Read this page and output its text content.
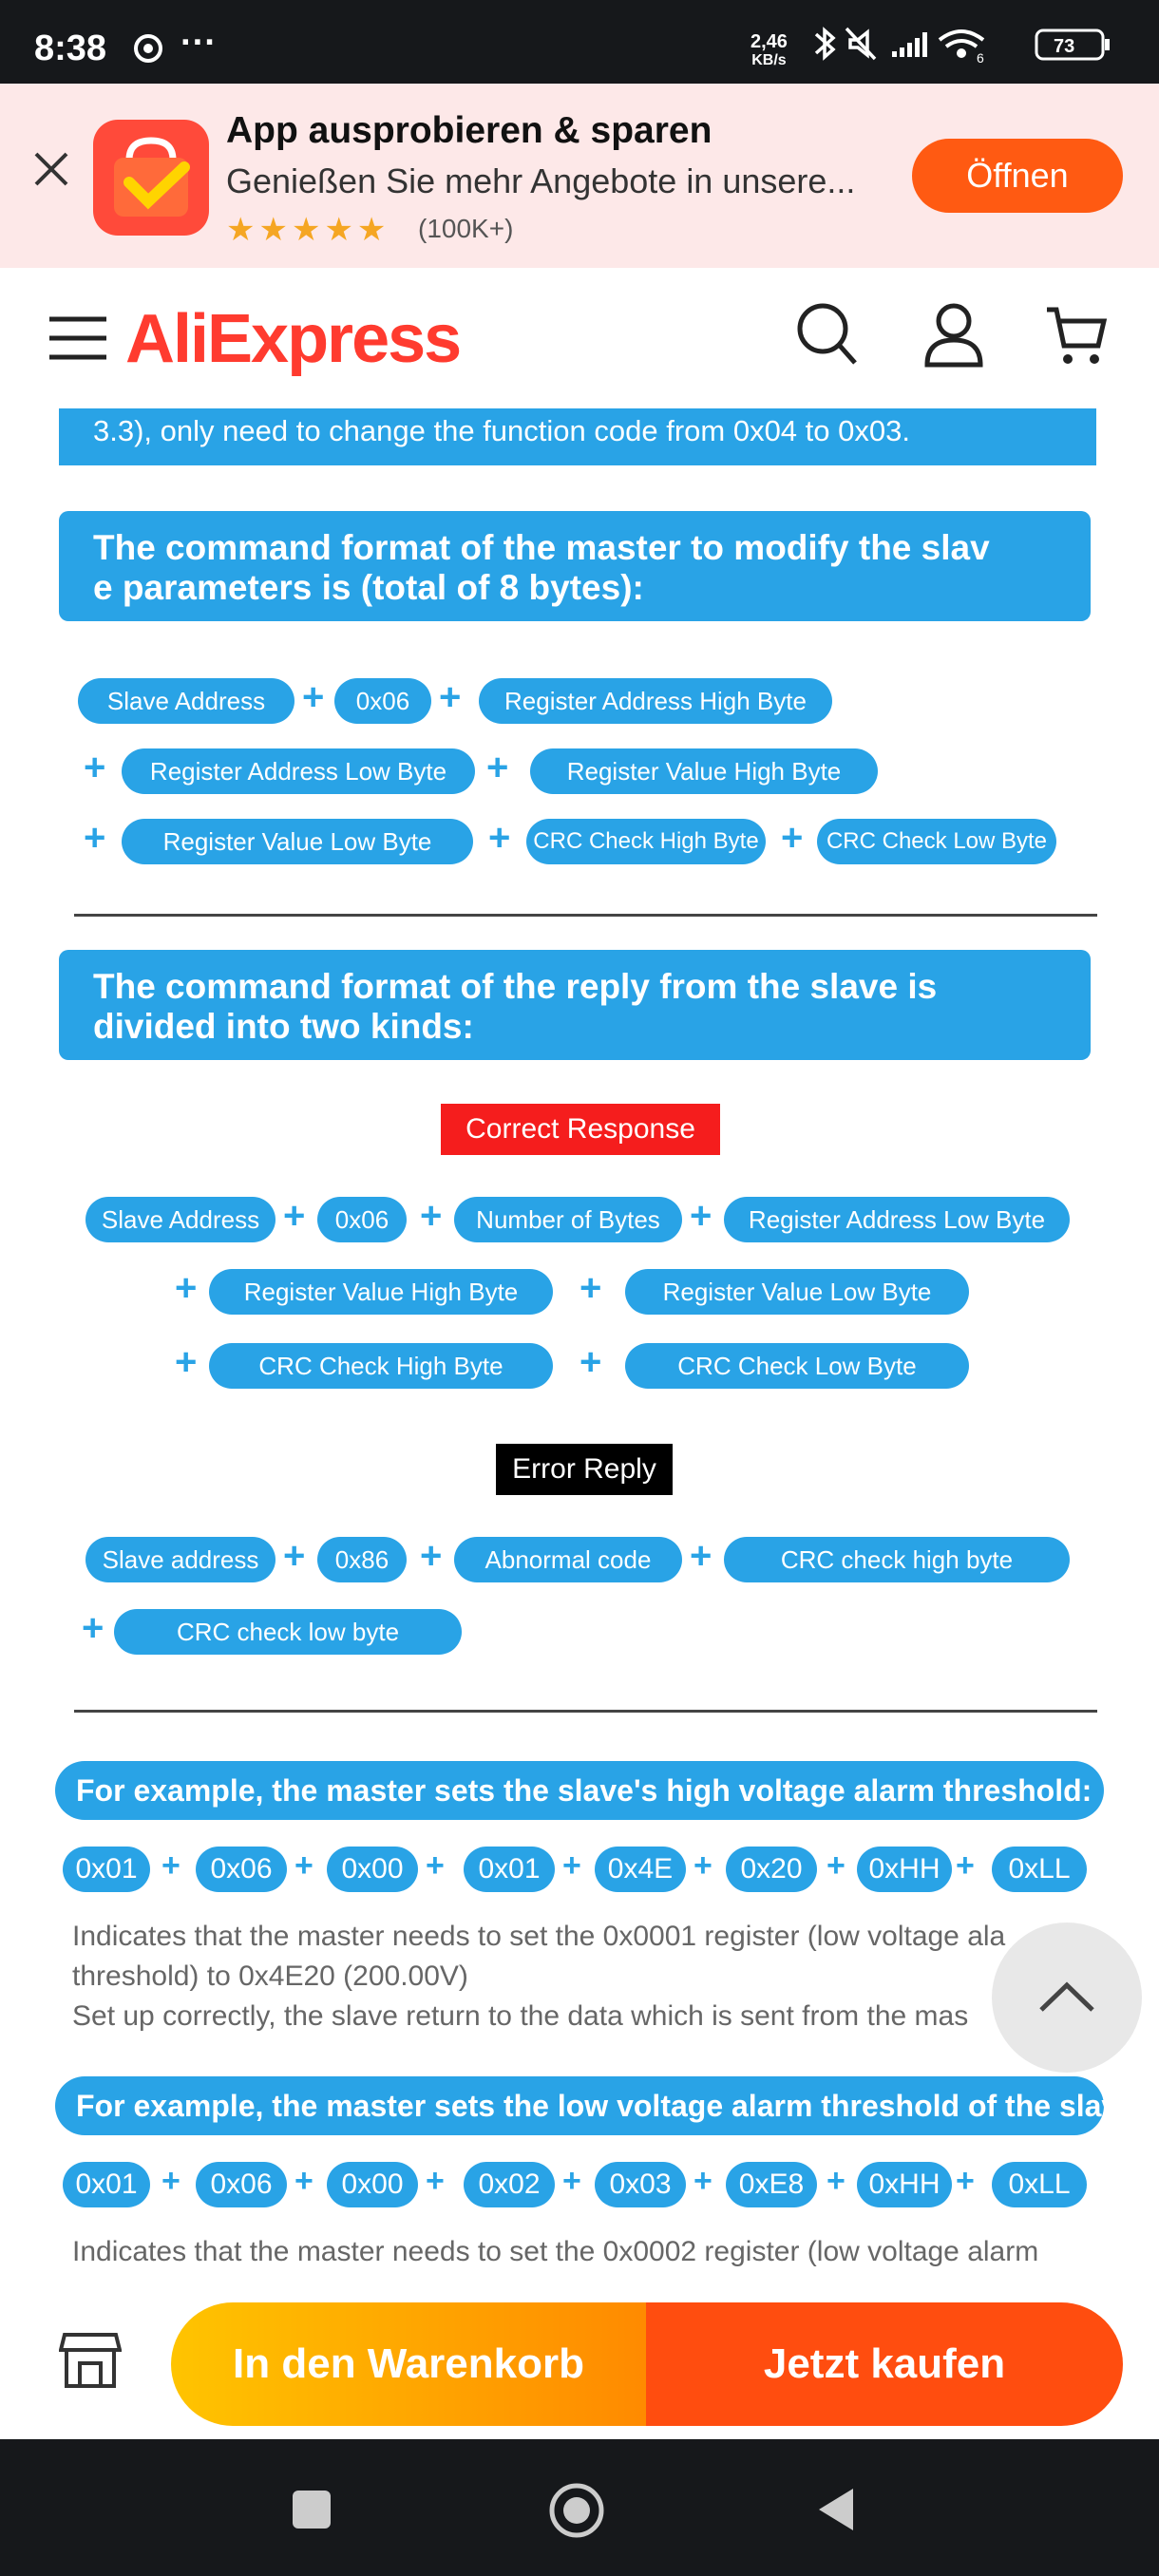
8:38 ···	2,46
KB/s	6
73
App ausprobieren & sparen
Genießen Sie mehr Angebote in unsere...
★★★★★ (100K+)
Öffnen
AliExpress
3.3), only need to change the function code from 0x04 to 0x03.
The command format of the master to modify the slav
e parameters is (total of 8 bytes):
Slave Address +	0x06 +	Register Address High Byte
+	Register Address Low Byte	+	Register Value High Byte
+	Register Value Low Byte	+ CRC Check High Byte +	CRC Check Low Byte
The command format of the reply from the slave is
divided into two kinds:
Correct Response
Slave Address +	0x06 +	Number of Bytes +	Register Address Low Byte
+	Register Value High Byte	+	Register Value Low Byte
+	CRC Check High Byte	+	CRC Check Low Byte
Error Reply
Slave address +	0x86 +	Abnormal code	+	CRC check high byte
+	CRC check low byte
For example, the master sets the slave's high voltage alarm threshold:
0x01 +	0x06 + 0x00 +	0x01 + 0x4E + 0x20 + 0xHH +	0xLL
Indicates that the master needs to set the 0x0001 register (low voltage ala
threshold) to 0x4E20 (200.00V)
Set up correctly, the slave return to the data which is sent from the mas
For example, the master sets the low voltage alarm threshold of the slave
0x01 +	0x06 + 0x00 +	0x02 + 0x03 + 0xE8 + 0xHH +	0xLL
Indicates that the master needs to set the 0x0002 register (low voltage alarm
In den Warenkorb	Jetzt kaufen
